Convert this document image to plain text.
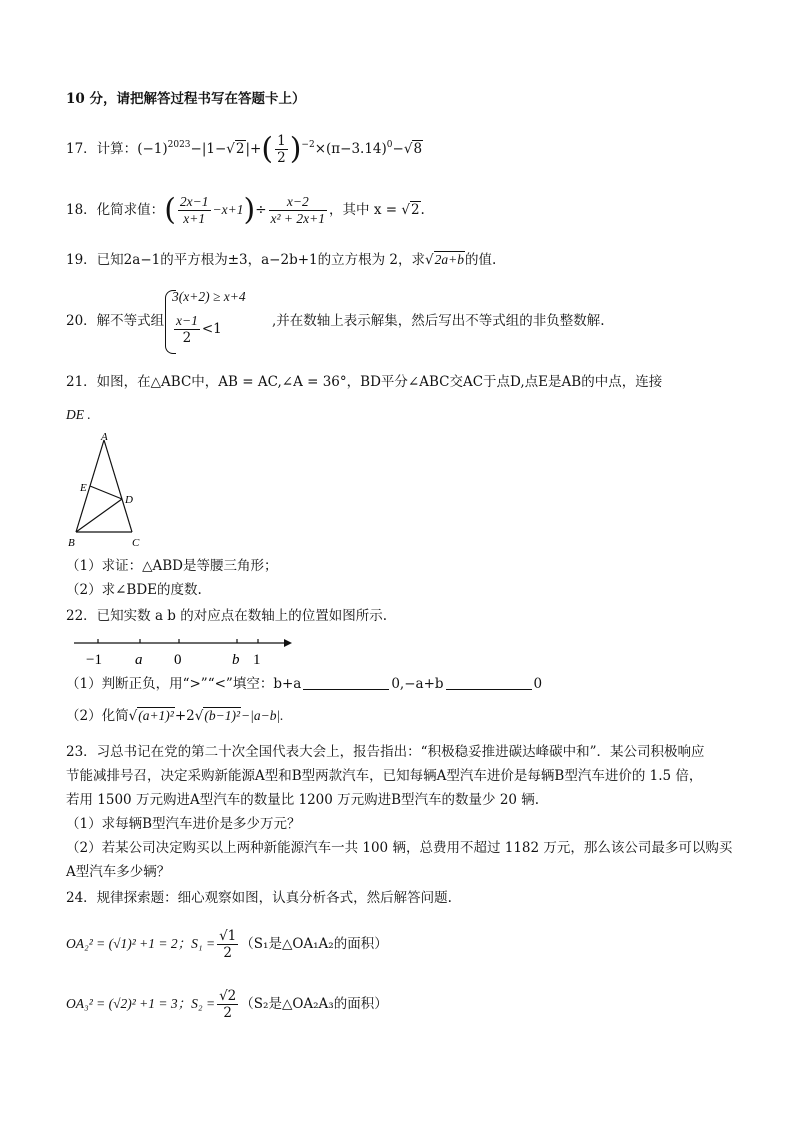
10 分，请把解答过程书写在答题卡上）
17．计算：$(-1)^{2023}-|1-√2|+( \frac{1}{2} )^{-2}\times(\pi-3.14)^0-√8$
18．化简求值：( $\frac{2x-1}{x+1} -x+1)\div \frac{x-2}{\text{x² + 2x+1}}$ ，其中 x = √2.
19．已知2a−1的平方根为±3，a−2b+1的立方根为 2，求√2a+b的值.
20．解不等式组
3(x+2) ≥ x+4
$\frac{x-1}{2} <1$	,并在数轴上表示解集，然后写出不等式组的非负整数解.
21．如图，在△ABC中，AB = AC,∠A = 36°，BD平分∠ABC交AC于点D,点E是AB的中点，连接
DE .
A
E
D
B	C
（1）求证：△ABD是等腰三角形；
（2）求∠BDE的度数.
22．已知实数 a b 的对应点在数轴上的位置如图所示.
−1 a 0	b 1
（1）判断正负，用“>”“<”填空：b+a	0,−a+b	0
（2）化简√(a+1)²+2√(b−1)²−|a−b|.
23．习总书记在党的第二十次全国代表大会上，报告指出：“积极稳妥推进碳达峰碳中和”．某公司积极响应
节能减排号召，决定采购新能源A型和B型两款汽车，已知每辆A型汽车进价是每辆B型汽车进价的 1.5 倍，
若用 1500 万元购进A型汽车的数量比 1200 万元购进B型汽车的数量少 20 辆.
（1）求每辆B型汽车进价是多少万元？
（2）若某公司决定购买以上两种新能源汽车一共 100 辆，总费用不超过 1182 万元，那么该公司最多可以购买
A型汽车多少辆？
24．规律探索题：细心观察如图，认真分析各式，然后解答问题.
OA₂² = (√1)² +1 = 2；$S_1 = \frac{√1}{2} (S_1$是△OA₁A₂的面积）
OA₃² = (√2)² +1 = 3；$S_2 = \frac{√2}{2} (S_2$是△OA₂A₃的面积）
